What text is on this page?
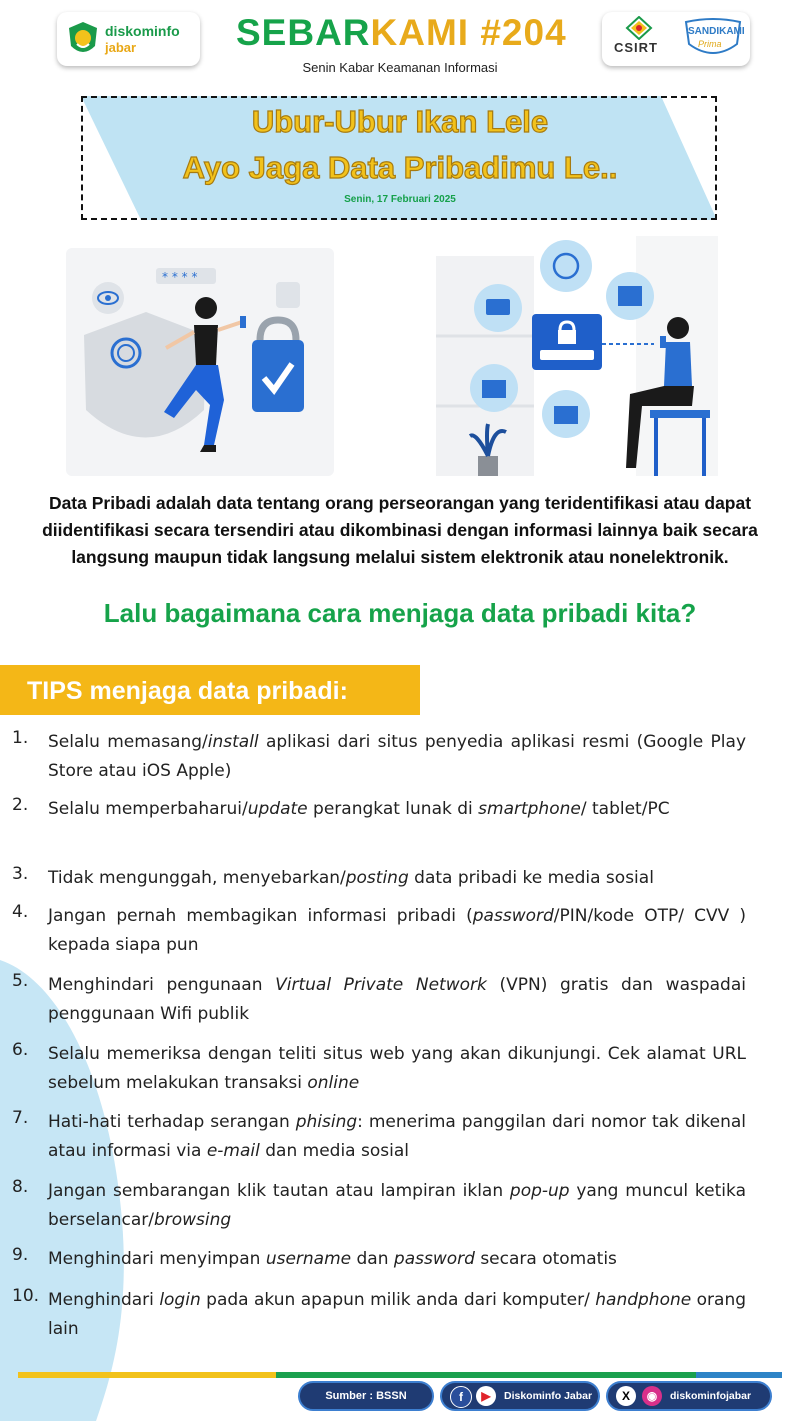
diskominfo
jabar	SEBARKAMI #204
Senin Kabar Keamanan Informasi
CSIRT
SANDIKAMI
Prima
Ubur-Ubur Ikan Lele
Ayo Jaga Data Pribadimu Le..
Senin, 17 Februari 2025
* * * *
Data Pribadi adalah data tentang orang perseorangan yang teridentifikasi atau dapat diidentifikasi secara tersendiri atau dikombinasi dengan informasi lainnya baik secara langsung maupun tidak langsung melalui sistem elektronik atau nonelektronik.
Lalu bagaimana cara menjaga data pribadi kita?
TIPS menjaga data pribadi:
1.	Selalu memasang/install aplikasi dari situs penyedia aplikasi resmi (Google Play Store atau iOS Apple)
2.	Selalu memperbaharui/update perangkat lunak di smartphone/ tablet/PC
3.	Tidak mengunggah, menyebarkan/posting data pribadi ke media sosial
4.	Jangan pernah membagikan informasi pribadi (password/PIN/kode OTP/ CVV ) kepada siapa pun
5.	Menghindari pengunaan Virtual Private Network (VPN) gratis dan waspadai penggunaan Wifi publik
6.	Selalu memeriksa dengan teliti situs web yang akan dikunjungi. Cek alamat URL sebelum melakukan transaksi online
7.	Hati-hati terhadap serangan phising: menerima panggilan dari nomor tak dikenal atau informasi via e-mail dan media sosial
8.	Jangan sembarangan klik tautan atau lampiran iklan pop-up yang muncul ketika berselancar/browsing
9.	Menghindari menyimpan username dan password secara otomatis
10. Menghindari login pada akun apapun milik anda dari komputer/ handphone orang lain
Sumber : BSSN	f	▶	Diskominfo Jabar	X	◉	diskominfojabar
